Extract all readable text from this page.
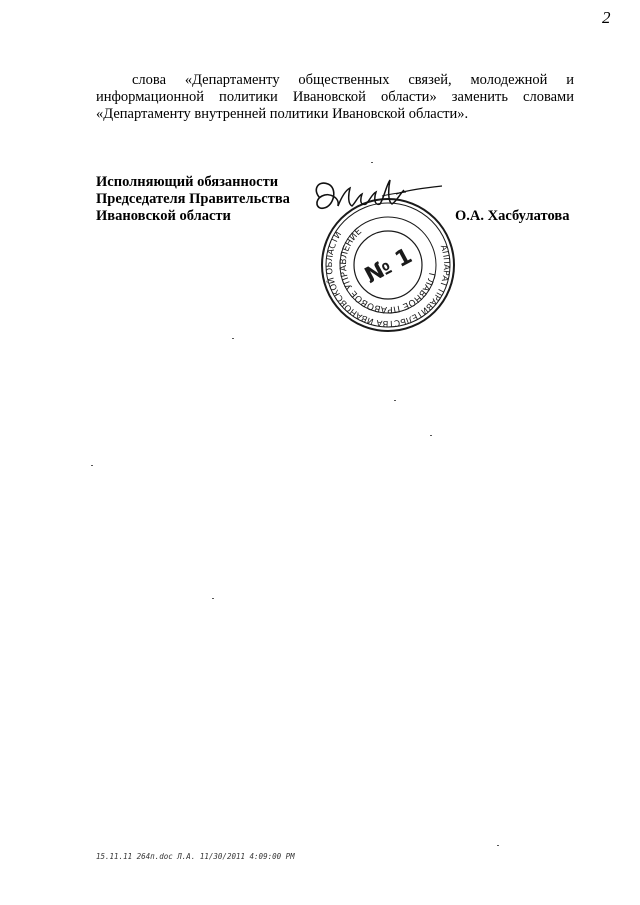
2

слова «Департаменту общественных связей, молодежной и информационной политики Ивановской области» заменить словами «Департаменту внутренней политики Ивановской области».

Исполняющий обязанности
Председателя Правительства
Ивановской области
АППАРАТ ПРАВИТЕЛЬСТВА ИВАНОВСКОЙ ОБЛАСТИ
ГЛАВНОЕ ПРАВОВОЕ УПРАВЛЕНИЕ
№ 1
О.А. Хасбулатова
15.11.11 264п.doc Л.А. 11/30/2011 4:09:00 PM
